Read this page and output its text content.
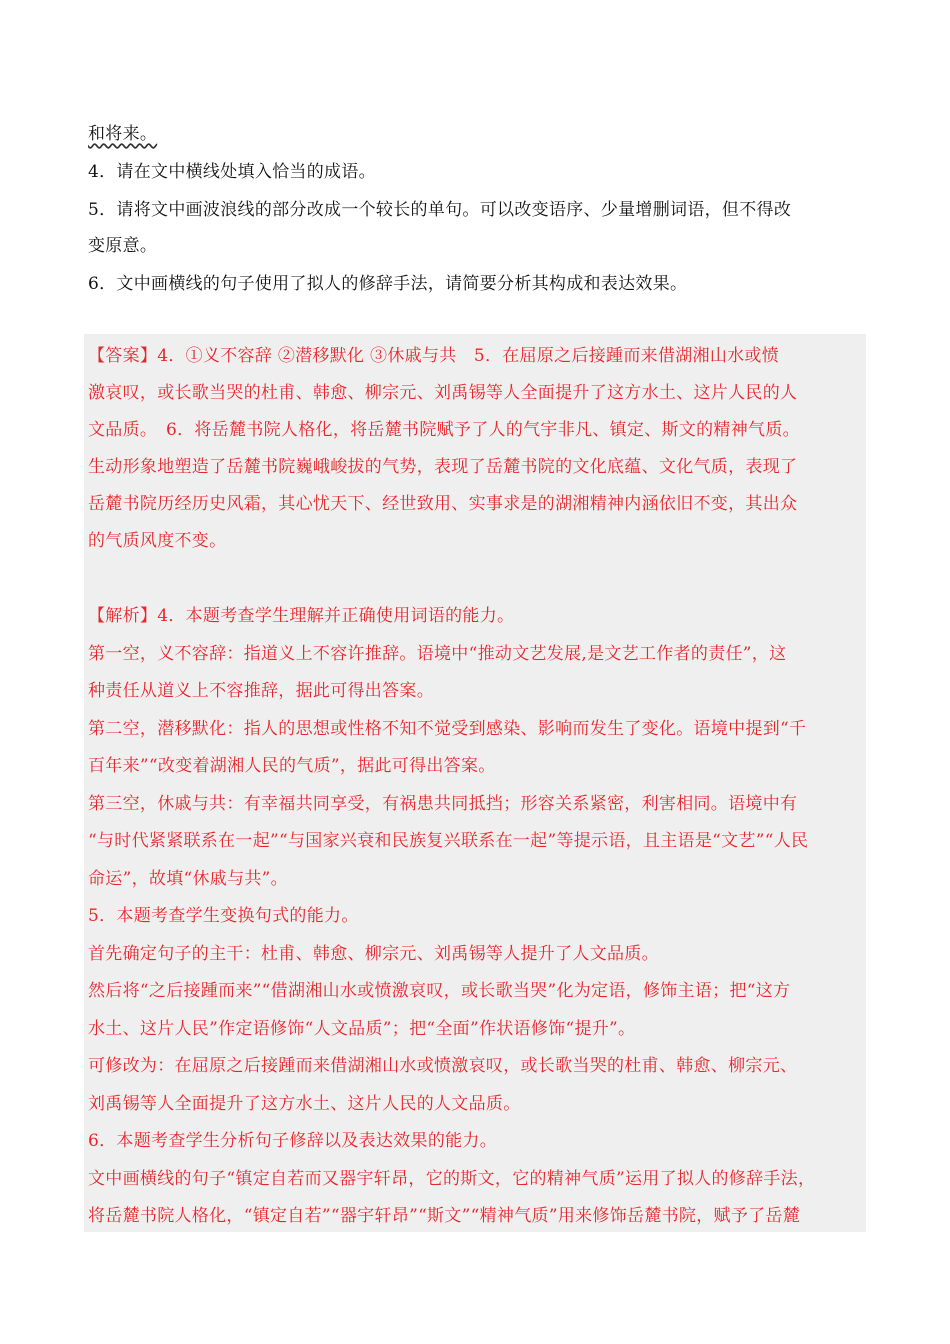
和将来。
4．请在文中横线处填入恰当的成语。
5．请将文中画波浪线的部分改成一个较长的单句。可以改变语序、少量增删词语，但不得改
变原意。
6．文中画横线的句子使用了拟人的修辞手法，请简要分析其构成和表达效果。
【答案】4．①义不容辞 ②潜移默化 ③休戚与共　5．在屈原之后接踵而来借湖湘山水或愤
激哀叹，或长歌当哭的杜甫、韩愈、柳宗元、刘禹锡等人全面提升了这方水土、这片人民的人
文品质。　6．将岳麓书院人格化，将岳麓书院赋予了人的气宇非凡、镇定、斯文的精神气质。
生动形象地塑造了岳麓书院巍峨峻拔的气势，表现了岳麓书院的文化底蕴、文化气质，表现了
岳麓书院历经历史风霜，其心忧天下、经世致用、实事求是的湖湘精神内涵依旧不变，其出众
的气质风度不变。
【解析】4．本题考查学生理解并正确使用词语的能力。
第一空，义不容辞：指道义上不容许推辞。语境中“推动文艺发展,是文艺工作者的责任”，这
种责任从道义上不容推辞，据此可得出答案。
第二空，潜移默化：指人的思想或性格不知不觉受到感染、影响而发生了变化。语境中提到“千
百年来”“改变着湖湘人民的气质”，据此可得出答案。
第三空，休戚与共：有幸福共同享受，有祸患共同抵挡；形容关系紧密，利害相同。语境中有
“与时代紧紧联系在一起”“与国家兴衰和民族复兴联系在一起”等提示语，且主语是“文艺”“人民
命运”，故填“休戚与共”。
5．本题考查学生变换句式的能力。
首先确定句子的主干：杜甫、韩愈、柳宗元、刘禹锡等人提升了人文品质。
然后将“之后接踵而来”“借湖湘山水或愤激哀叹，或长歌当哭”化为定语，修饰主语；把“这方
水土、这片人民”作定语修饰“人文品质”；把“全面”作状语修饰“提升”。
可修改为：在屈原之后接踵而来借湖湘山水或愤激哀叹，或长歌当哭的杜甫、韩愈、柳宗元、
刘禹锡等人全面提升了这方水土、这片人民的人文品质。
6．本题考查学生分析句子修辞以及表达效果的能力。
文中画横线的句子“镇定自若而又器宇轩昂，它的斯文，它的精神气质”运用了拟人的修辞手法，
将岳麓书院人格化，“镇定自若”“器宇轩昂”“斯文”“精神气质”用来修饰岳麓书院，赋予了岳麓
